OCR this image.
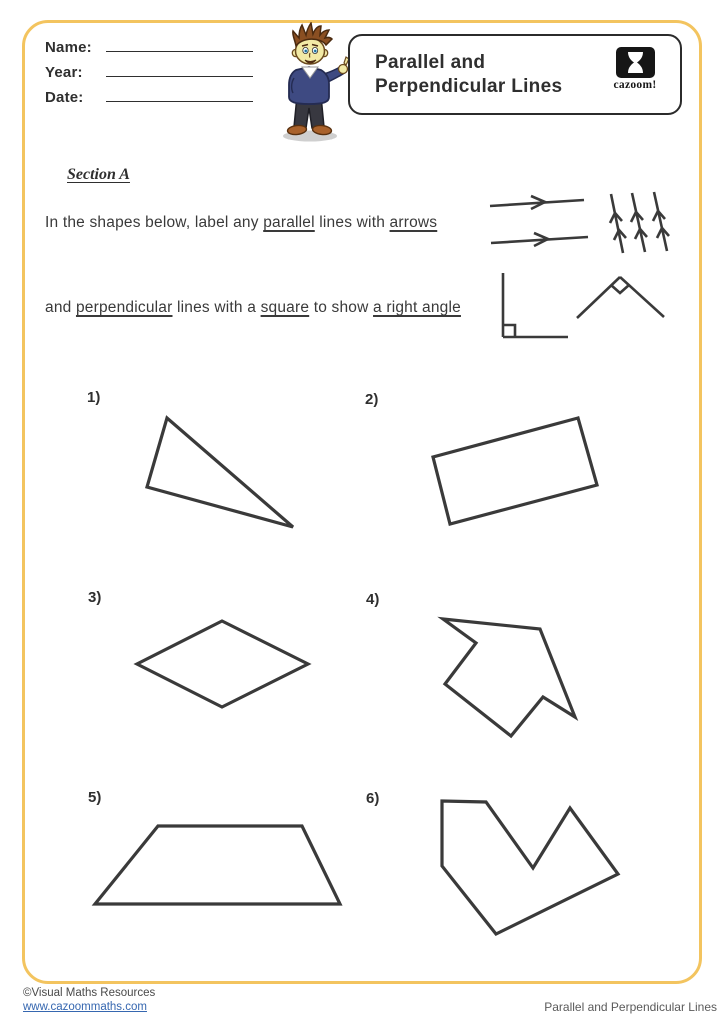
Name:
Year:
Date:
Parallel and
Perpendicular Lines	cazoom!
Section A

In the shapes below, label any parallel lines with arrows

and perpendicular lines with a square to show a right angle

1)	2)
3)	4)
5)	6)
©Visual Maths Resources
www.cazoommaths.com	Parallel and Perpendicular Lines
